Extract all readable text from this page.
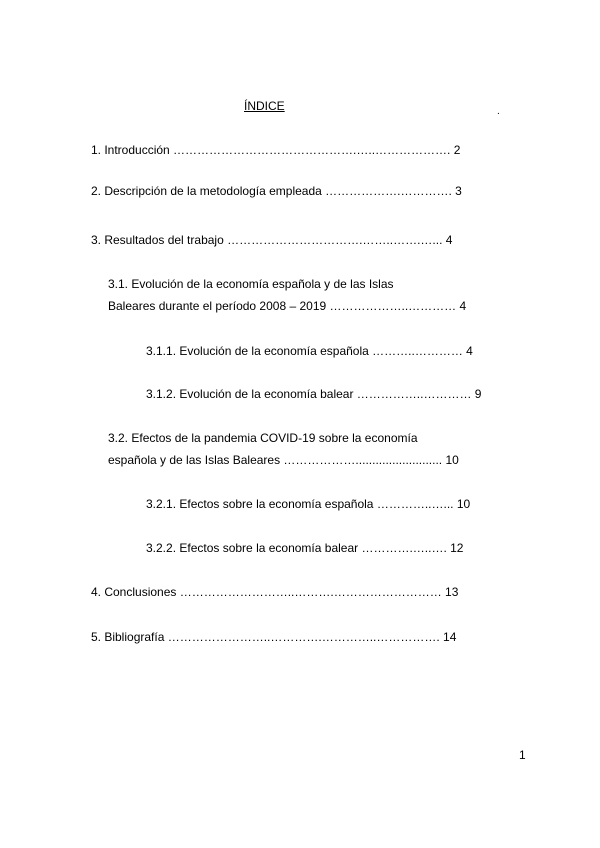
ÍNDICE	.
1. Introducción ……………………………………….…..………………. 2
2. Descripción de la metodología empleada ……………….…………. 3
3. Resultados del trabajo …………………………….……..…….…... 4
3.1. Evolución de la economía española y de las Islas
Baleares durante el período 2008 – 2019 ………………..………… 4
3.1.1. Evolución de la economía española ………..………… 4
3.1.2. Evolución de la economía balear ……………..………… 9
3.2. Efectos de la pandemia COVID-19 sobre la economía
española y de las Islas Baleares ……………….......................... 10
3.2.1. Efectos sobre la economía española …………..…... 10
3.2.2. Efectos sobre la economía balear ………….…..…. 12
4. Conclusiones ………………………..……….……………………… 13
5. Bibliografía ……………………..………….…………..……………. 14
1
